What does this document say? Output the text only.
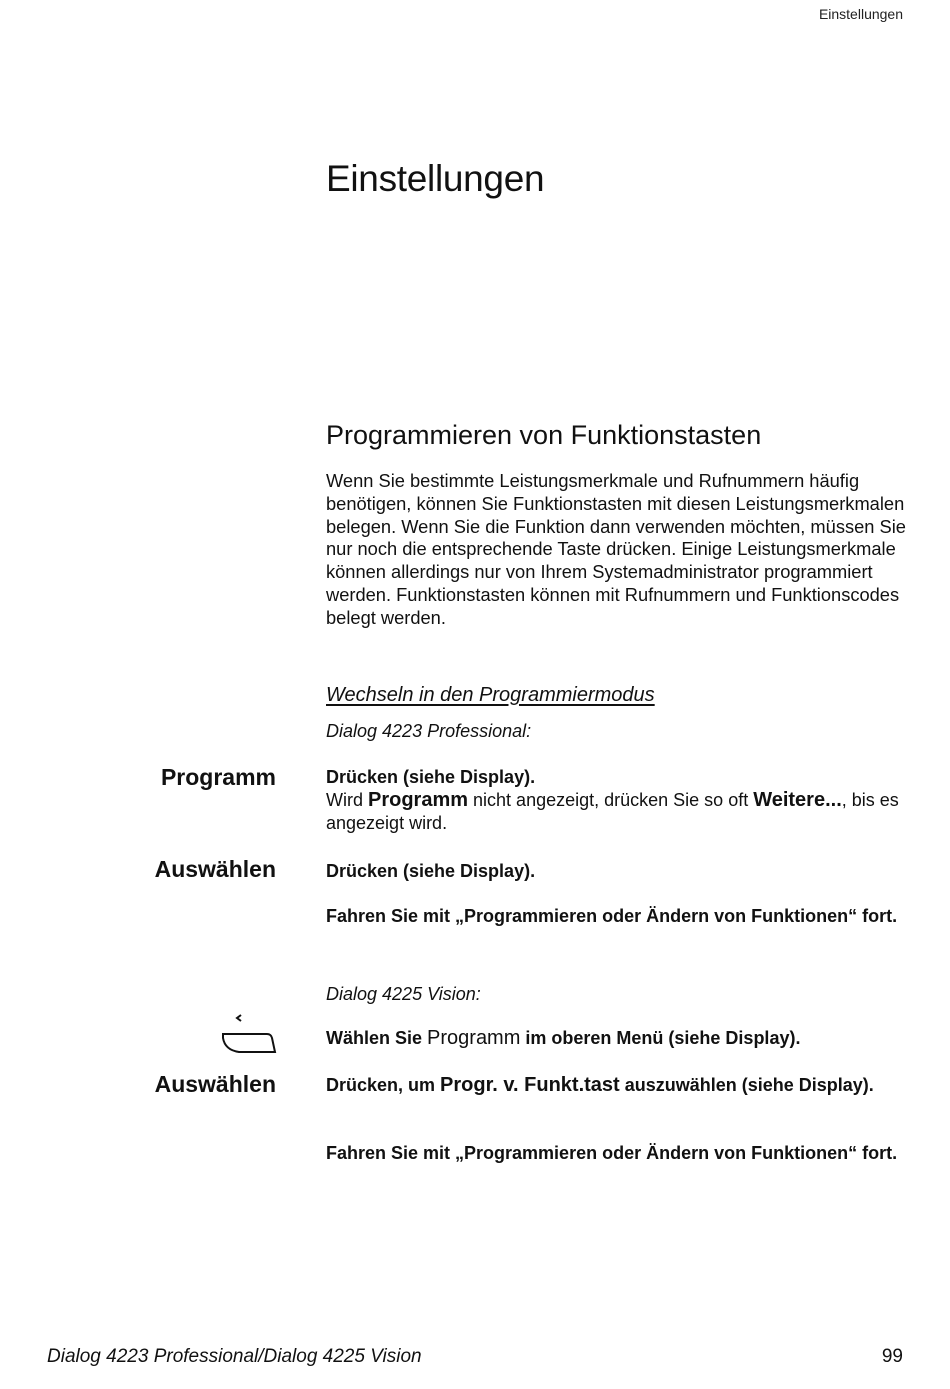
Einstellungen
Einstellungen
Programmieren von Funktionstasten

Wenn Sie bestimmte Leistungsmerkmale und Rufnummern häufig benötigen, können Sie Funktionstasten mit diesen Leistungsmerkmalen belegen. Wenn Sie die Funktion dann verwenden möchten, müssen Sie nur noch die entsprechende Taste drücken. Einige Leistungsmerkmale können allerdings nur von Ihrem Systemadministrator programmiert werden. Funktionstasten können mit Rufnummern und Funktionscodes belegt werden.

Wechseln in den Programmiermodus
Dialog 4223 Professional:
Programm	Drücken (siehe Display).
Wird Programm nicht angezeigt, drücken Sie so oft Weitere..., bis es angezeigt wird.
Auswählen	Drücken (siehe Display).
Fahren Sie mit „Programmieren oder Ändern von Funktionen“ fort.
Dialog 4225 Vision:
Wählen Sie Programm im oberen Menü (siehe Display).
Auswählen	Drücken, um Progr. v. Funkt.tast auszuwählen (siehe Display).
Fahren Sie mit „Programmieren oder Ändern von Funktionen“ fort.
Dialog 4223 Professional/Dialog 4225 Vision	99
